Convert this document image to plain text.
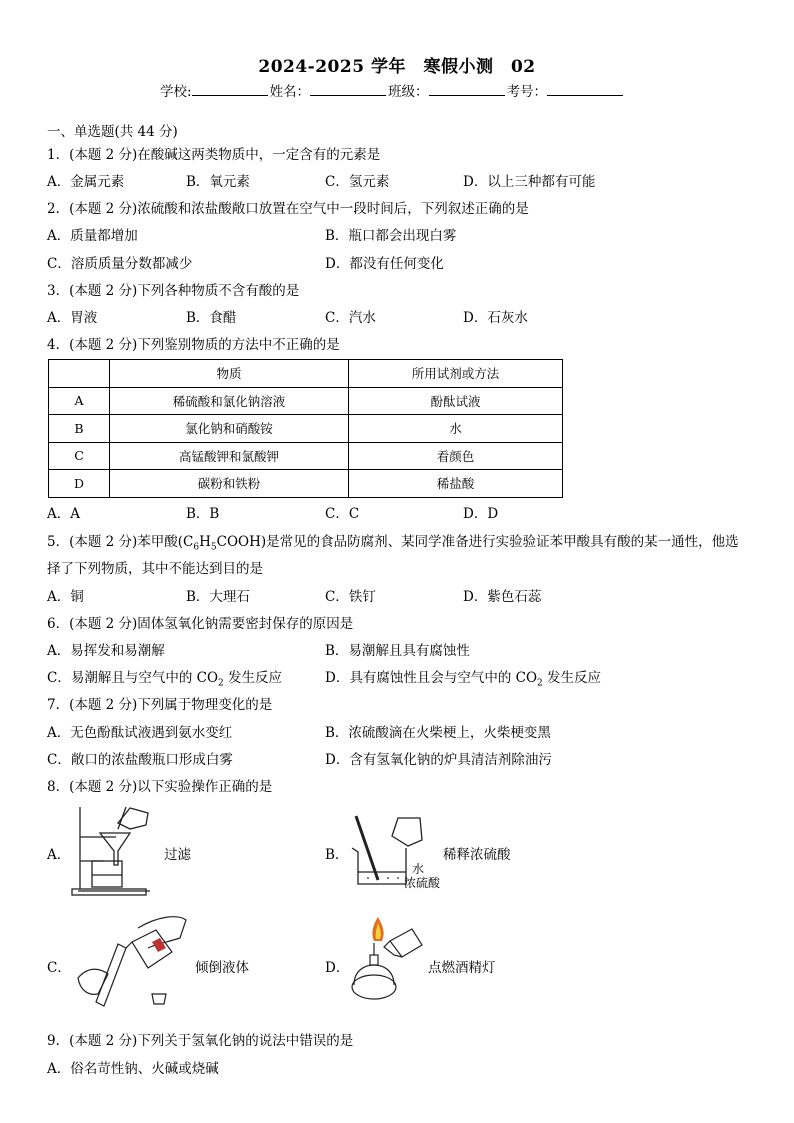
2024-2025 学年　寒假小测　02
学校:	姓名：	班级：	考号：
一、单选题(共 44 分)
1．(本题 2 分)在酸碱这两类物质中，一定含有的元素是
A．金属元素	B．氧元素	C．氢元素	D．以上三种都有可能
2．(本题 2 分)浓硫酸和浓盐酸敞口放置在空气中一段时间后，下列叙述正确的是
A．质量都增加	B．瓶口都会出现白雾
C．溶质质量分数都减少	D．都没有任何变化
3．(本题 2 分)下列各种物质不含有酸的是
A．胃液	B．食醋	C．汽水	D．石灰水
4．(本题 2 分)下列鉴别物质的方法中不正确的是
	物质	所用试剂或方法
A	稀硫酸和氯化钠溶液	酚酞试液
B	氯化钠和硝酸铵	水
C	高锰酸钾和氯酸钾	看颜色
D	碳粉和铁粉	稀盐酸
A．A	B．B	C．C	D．D
5．(本题 2 分)苯甲酸$(C_6H_5COOH)$是常见的食品防腐剂、某同学准备进行实验验证苯甲酸具有酸的某一通性，他选
择了下列物质，其中不能达到目的是
A．铜	B．大理石	C．铁钉	D．紫色石蕊
6．(本题 2 分)固体氢氧化钠需要密封保存的原因是
A．易挥发和易潮解	B．易潮解且具有腐蚀性
C．易潮解且与空气中的 $CO_2$ 发生反应	D．具有腐蚀性且会与空气中的 $CO_2$ 发生反应
7．(本题 2 分)下列属于物理变化的是
A．无色酚酞试液遇到氨水变红	B．浓硫酸滴在火柴梗上，火柴梗变黑
C．敞口的浓盐酸瓶口形成白雾	D．含有氢氧化钠的炉具清洁剂除油污
8．(本题 2 分)以下实验操作正确的是
A．	过滤	B．
水
浓硫酸
稀释浓硫酸
C．	倾倒液体	D．	点燃酒精灯
9．(本题 2 分)下列关于氢氧化钠的说法中错误的是
A．俗名苛性钠、火碱或烧碱
